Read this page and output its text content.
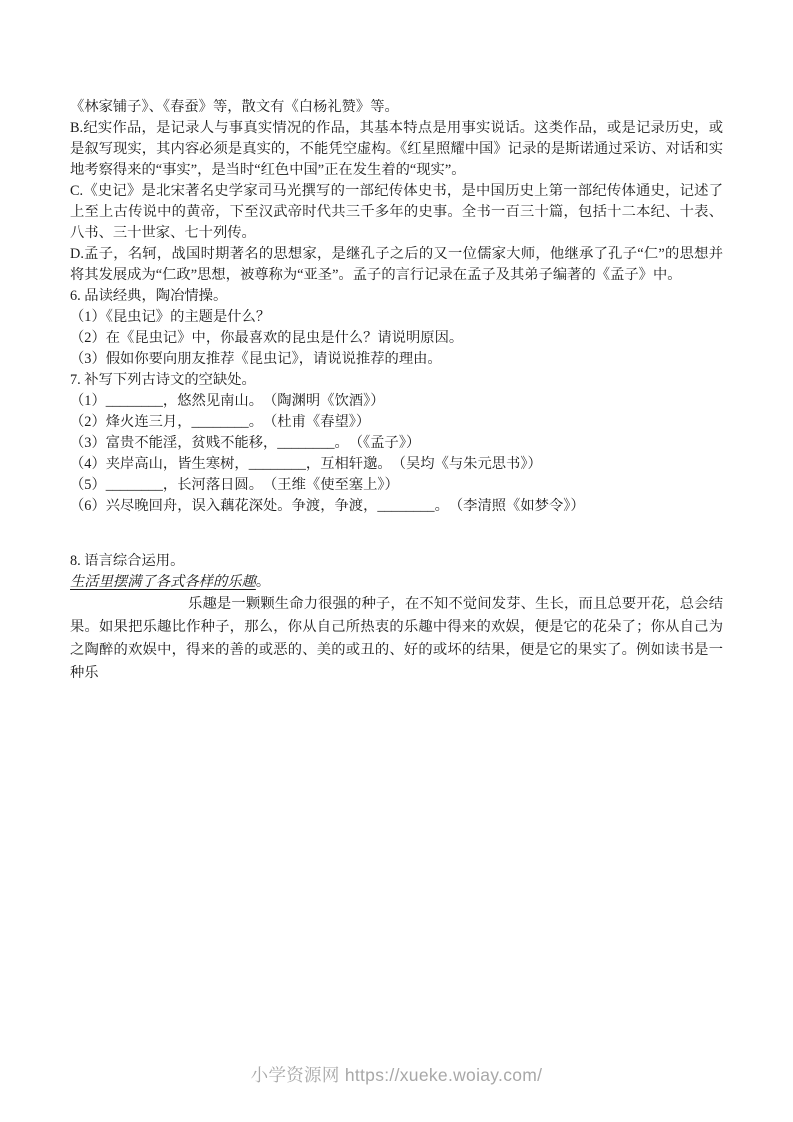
《林家铺子》、《春蚕》等，散文有《白杨礼赞》等。

B.纪实作品，是记录人与事真实情况的作品，其基本特点是用事实说话。这类作品，或是记录历史，或是叙写现实，其内容必须是真实的，不能凭空虚构。《红星照耀中国》记录的是斯诺通过采访、对话和实地考察得来的“事实”，是当时“红色中国”正在发生着的“现实”。

C.《史记》是北宋著名史学家司马光撰写的一部纪传体史书，是中国历史上第一部纪传体通史，记述了上至上古传说中的黄帝，下至汉武帝时代共三千多年的史事。全书一百三十篇，包括十二本纪、十表、八书、三十世家、七十列传。

D.孟子，名轲，战国时期著名的思想家，是继孔子之后的又一位儒家大师，他继承了孔子“仁”的思想并将其发展成为“仁政”思想，被尊称为“亚圣”。孟子的言行记录在孟子及其弟子编著的《孟子》中。

6. 品读经典，陶冶情操。

（1）《昆虫记》的主题是什么？

（2）在《昆虫记》中，你最喜欢的昆虫是什么？请说明原因。

（3）假如你要向朋友推荐《昆虫记》，请说说推荐的理由。

7. 补写下列古诗文的空缺处。

（1）________，悠然见南山。　（陶渊明《饮酒》）

（2）烽火连三月，________。　（杜甫《春望》）

（3）富贵不能淫，贫贱不能移，________。　（《孟子》）

（4）夹岸高山，皆生寒树，________，互相轩邈。　（吴均《与朱元思书》）

（5）________，长河落日圆。　（王维《使至塞上》）

（6）兴尽晚回舟，误入藕花深处。争渡，争渡，________。　（李清照《如梦令》）

8. 语言综合运用。

生活里摆满了各式各样的乐趣。

乐趣是一颗颗生命力很强的种子，在不知不觉间发芽、生长，而且总要开花，总会结果。如果把乐趣比作种子，那么，你从自己所热衷的乐趣中得来的欢娱，便是它的花朵了；你从自己为之陶醉的欢娱中，得来的善的或恶的、美的或丑的、好的或坏的结果，便是它的果实了。例如读书是一种乐

小学资源网 https://xueke.woiay.com/
